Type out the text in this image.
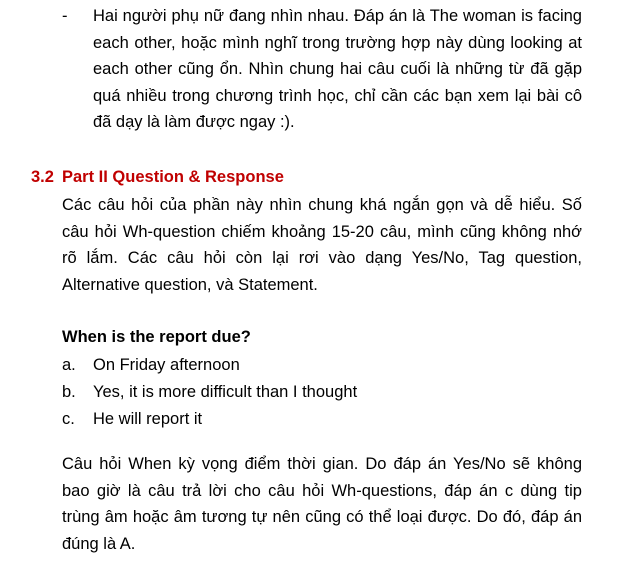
- Hai người phụ nữ đang nhìn nhau. Đáp án là The woman is facing each other, hoặc mình nghĩ trong trường hợp này dùng looking at each other cũng ổn. Nhìn chung hai câu cuối là những từ đã gặp quá nhiều trong chương trình học, chỉ cần các bạn xem lại bài cô đã dạy là làm được ngay :).

3.2 Part II Question & Response

Các câu hỏi của phần này nhìn chung khá ngắn gọn và dễ hiểu. Số câu hỏi Wh-question chiếm khoảng 15-20 câu, mình cũng không nhớ rõ lắm. Các câu hỏi còn lại rơi vào dạng Yes/No, Tag question, Alternative question, và Statement.

When is the report due?
a. On Friday afternoon
b. Yes, it is more difficult than I thought
c. He will report it

Câu hỏi When kỳ vọng điểm thời gian. Do đáp án Yes/No sẽ không bao giờ là câu trả lời cho câu hỏi Wh-questions, đáp án c dùng tip trùng âm hoặc âm tương tự nên cũng có thể loại được. Do đó, đáp án đúng là A.
